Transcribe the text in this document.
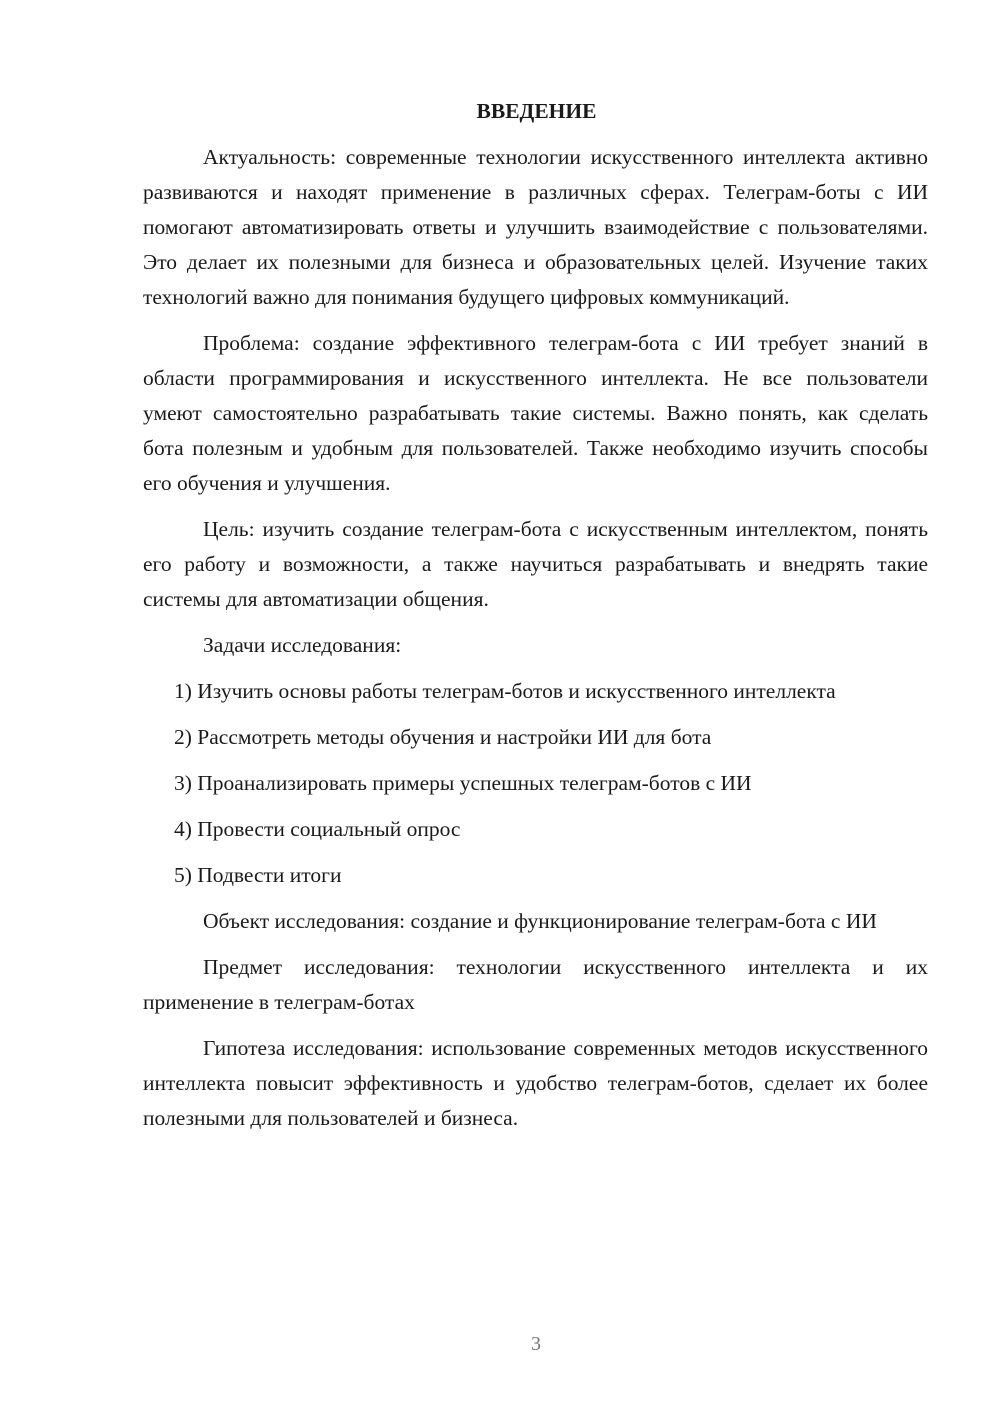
ВВЕДЕНИЕ

Актуальность: современные технологии искусственного интеллекта активно развиваются и находят применение в различных сферах. Телеграм-боты с ИИ помогают автоматизировать ответы и улучшить взаимодействие с пользователями. Это делает их полезными для бизнеса и образовательных целей. Изучение таких технологий важно для понимания будущего цифровых коммуникаций.

Проблема: создание эффективного телеграм-бота с ИИ требует знаний в области программирования и искусственного интеллекта. Не все пользователи умеют самостоятельно разрабатывать такие системы. Важно понять, как сделать бота полезным и удобным для пользователей. Также необходимо изучить способы его обучения и улучшения.

Цель: изучить создание телеграм-бота с искусственным интеллектом, понять его работу и возможности, а также научиться разрабатывать и внедрять такие системы для автоматизации общения.

Задачи исследования:

1) Изучить основы работы телеграм-ботов и искусственного интеллекта

2) Рассмотреть методы обучения и настройки ИИ для бота

3) Проанализировать примеры успешных телеграм-ботов с ИИ

4) Провести социальный опрос

5) Подвести итоги

Объект исследования: создание и функционирование телеграм-бота с ИИ

Предмет исследования: технологии искусственного интеллекта и их применение в телеграм-ботах

Гипотеза исследования: использование современных методов искусственного интеллекта повысит эффективность и удобство телеграм-ботов, сделает их более полезными для пользователей и бизнеса.

3
